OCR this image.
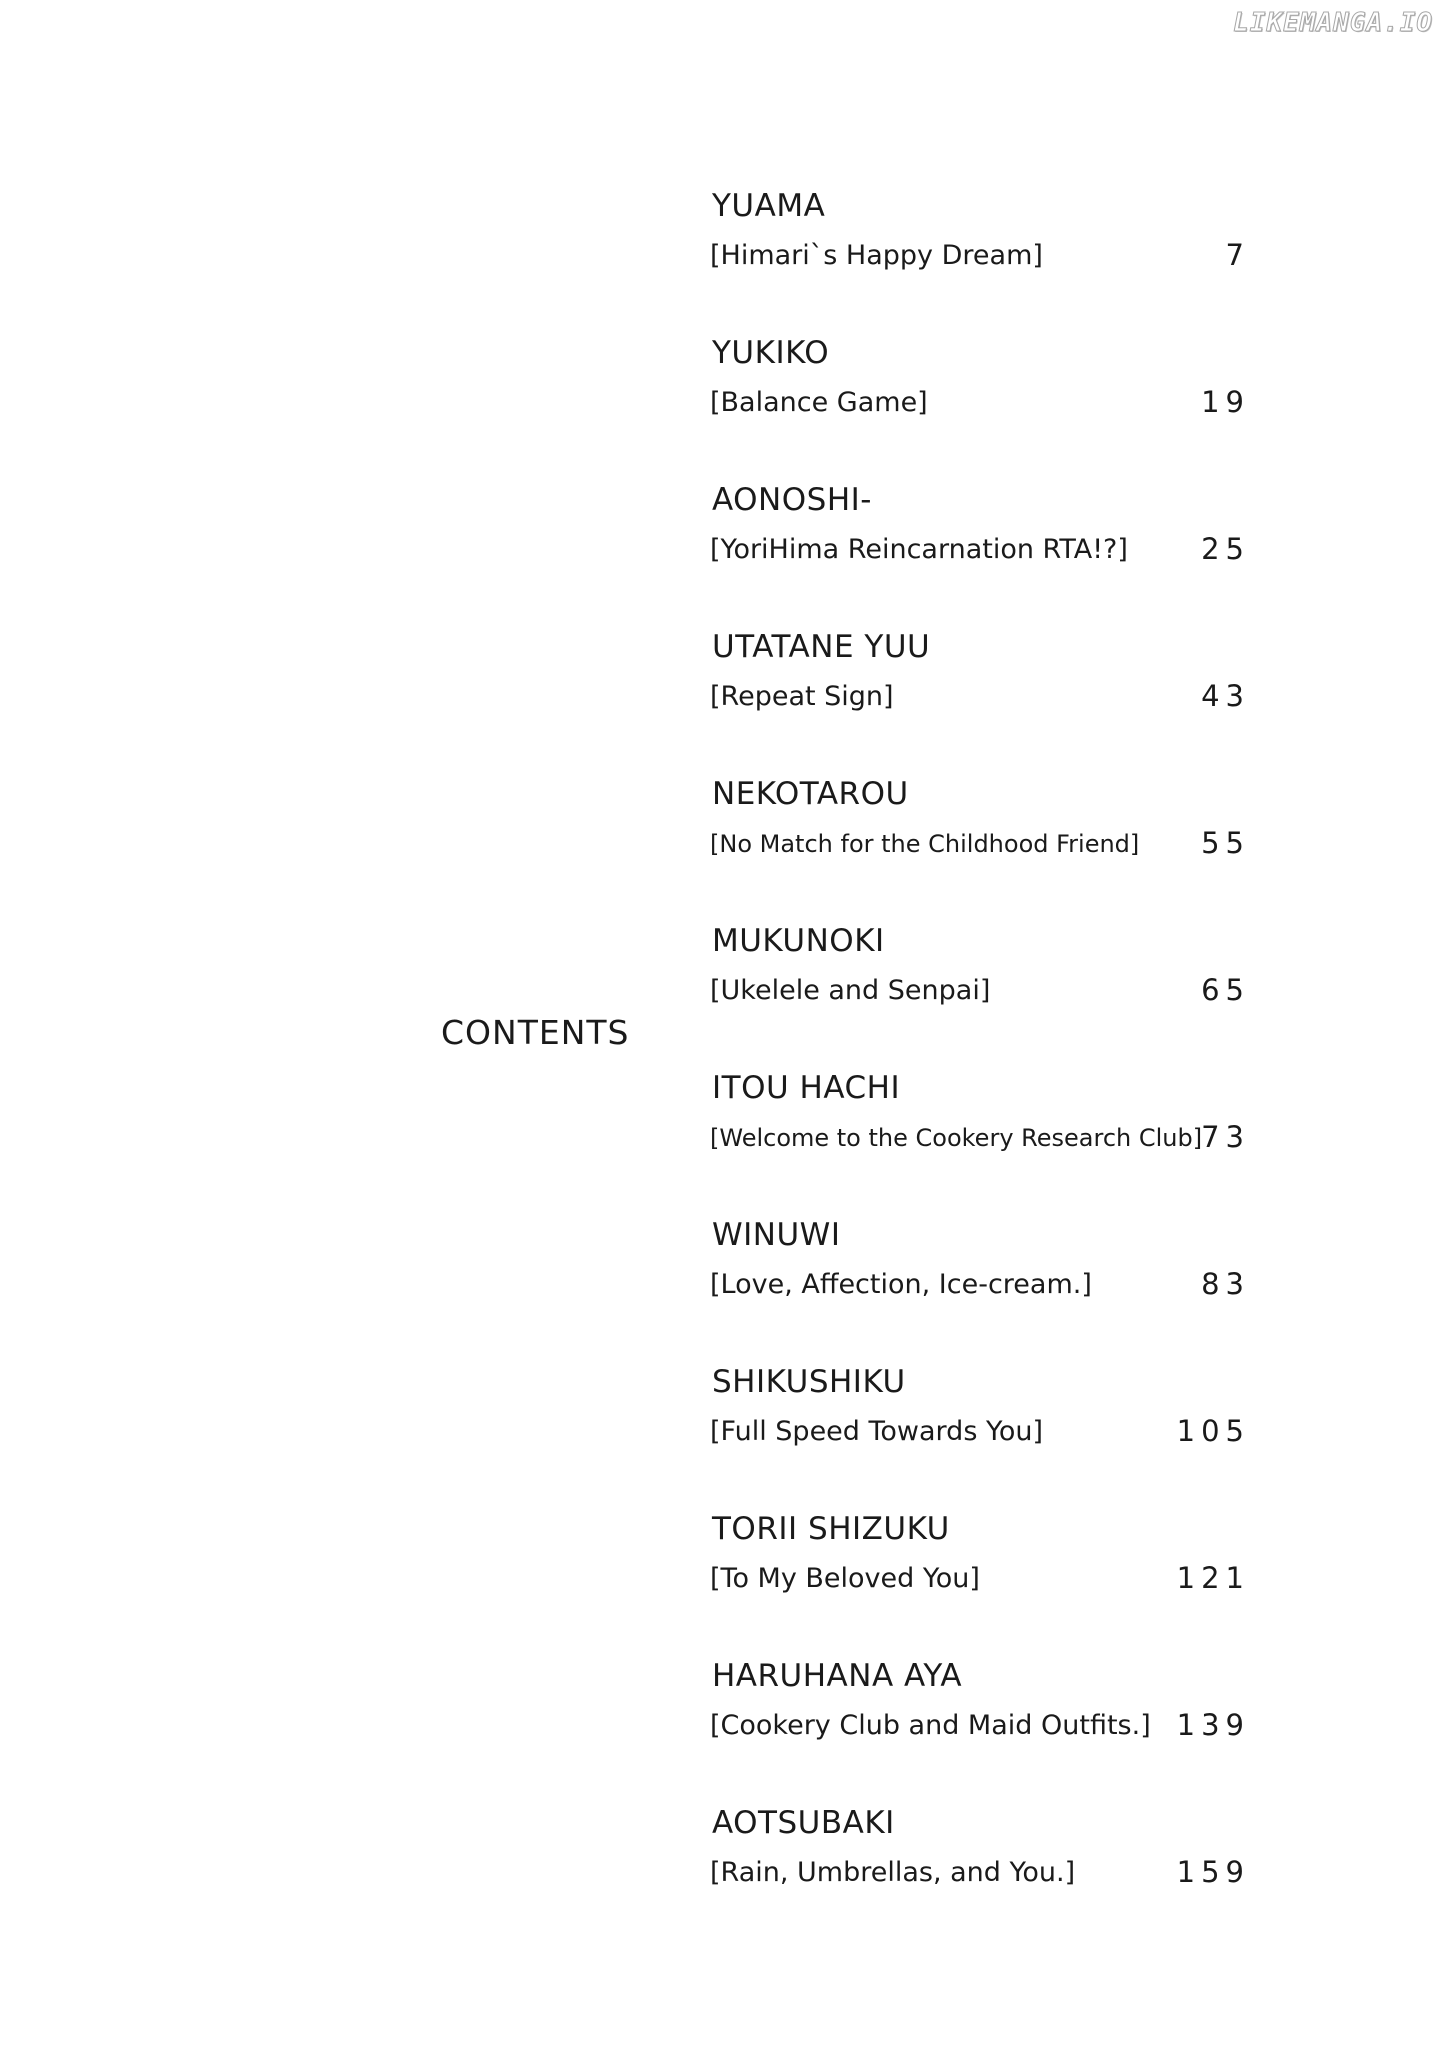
LIKEMANGA.IO
CONTENTS
YUAMA
[Himari`s Happy Dream]	7
YUKIKO
[Balance Game]	19
AONOSHI-
[YoriHima Reincarnation RTA!?]	25
UTATANE YUU
[Repeat Sign]	43
NEKOTAROU
[No Match for the Childhood Friend] 55
MUKUNOKI
[Ukelele and Senpai]	65
ITOU HACHI
[Welcome to the Cookery Research Club] 73
WINUWI
[Love, Affection, Ice-cream.]	83
SHIKUSHIKU
[Full Speed Towards You]	105
TORII SHIZUKU
[To My Beloved You]	121
HARUHANA AYA
[Cookery Club and Maid Outfits.] 139
AOTSUBAKI
[Rain, Umbrellas, and You.]	159
